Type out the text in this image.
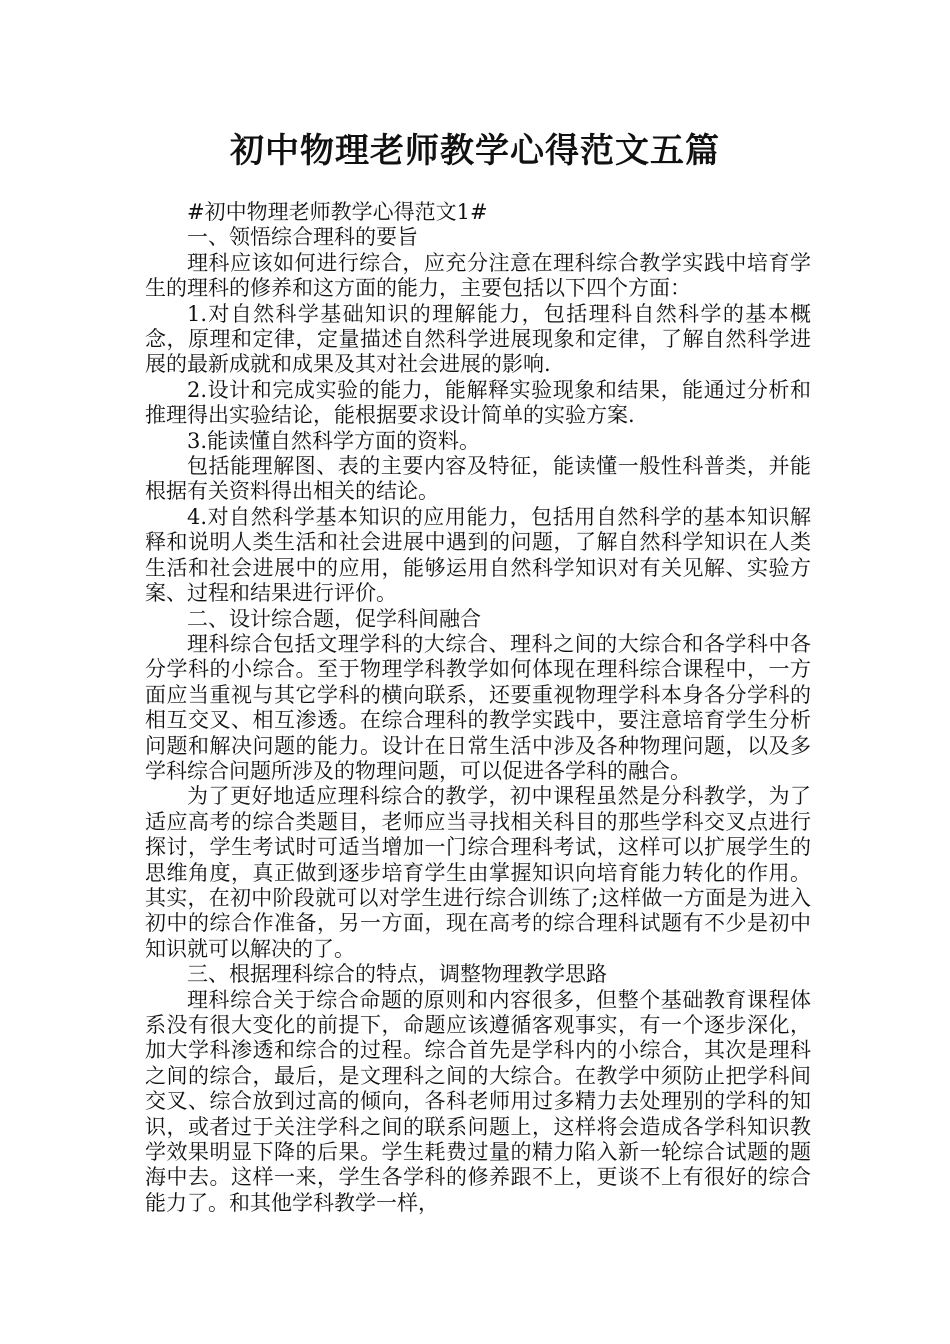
初中物理老师教学心得范文五篇

#初中物理老师教学心得范文1#

一、领悟综合理科的要旨

理科应该如何进行综合，应充分注意在理科综合教学实践中培育学生的理科的修养和这方面的能力，主要包括以下四个方面：

1.对自然科学基础知识的理解能力，包括理科自然科学的基本概念，原理和定律，定量描述自然科学进展现象和定律，了解自然科学进展的最新成就和成果及其对社会进展的影响.

2.设计和完成实验的能力，能解释实验现象和结果，能通过分析和推理得出实验结论，能根据要求设计简单的实验方案.

3.能读懂自然科学方面的资料。

包括能理解图、表的主要内容及特征，能读懂一般性科普类，并能根据有关资料得出相关的结论。

4.对自然科学基本知识的应用能力，包括用自然科学的基本知识解释和说明人类生活和社会进展中遇到的问题，了解自然科学知识在人类生活和社会进展中的应用，能够运用自然科学知识对有关见解、实验方案、过程和结果进行评价。

二、设计综合题，促学科间融合

理科综合包括文理学科的大综合、理科之间的大综合和各学科中各分学科的小综合。至于物理学科教学如何体现在理科综合课程中，一方面应当重视与其它学科的横向联系，还要重视物理学科本身各分学科的相互交叉、相互渗透。在综合理科的教学实践中，要注意培育学生分析问题和解决问题的能力。设计在日常生活中涉及各种物理问题，以及多学科综合问题所涉及的物理问题，可以促进各学科的融合。

为了更好地适应理科综合的教学，初中课程虽然是分科教学，为了适应高考的综合类题目，老师应当寻找相关科目的那些学科交叉点进行探讨，学生考试时可适当增加一门综合理科考试，这样可以扩展学生的思维角度，真正做到逐步培育学生由掌握知识向培育能力转化的作用。其实，在初中阶段就可以对学生进行综合训练了;这样做一方面是为进入初中的综合作准备，另一方面，现在高考的综合理科试题有不少是初中知识就可以解决的了。

三、根据理科综合的特点，调整物理教学思路

理科综合关于综合命题的原则和内容很多，但整个基础教育课程体系没有很大变化的前提下，命题应该遵循客观事实，有一个逐步深化，加大学科渗透和综合的过程。综合首先是学科内的小综合，其次是理科之间的综合，最后，是文理科之间的大综合。在教学中须防止把学科间交叉、综合放到过高的倾向，各科老师用过多精力去处理别的学科的知识，或者过于关注学科之间的联系问题上，这样将会造成各学科知识教学效果明显下降的后果。学生耗费过量的精力陷入新一轮综合试题的题海中去。这样一来，学生各学科的修养跟不上，更谈不上有很好的综合能力了。和其他学科教学一样，
